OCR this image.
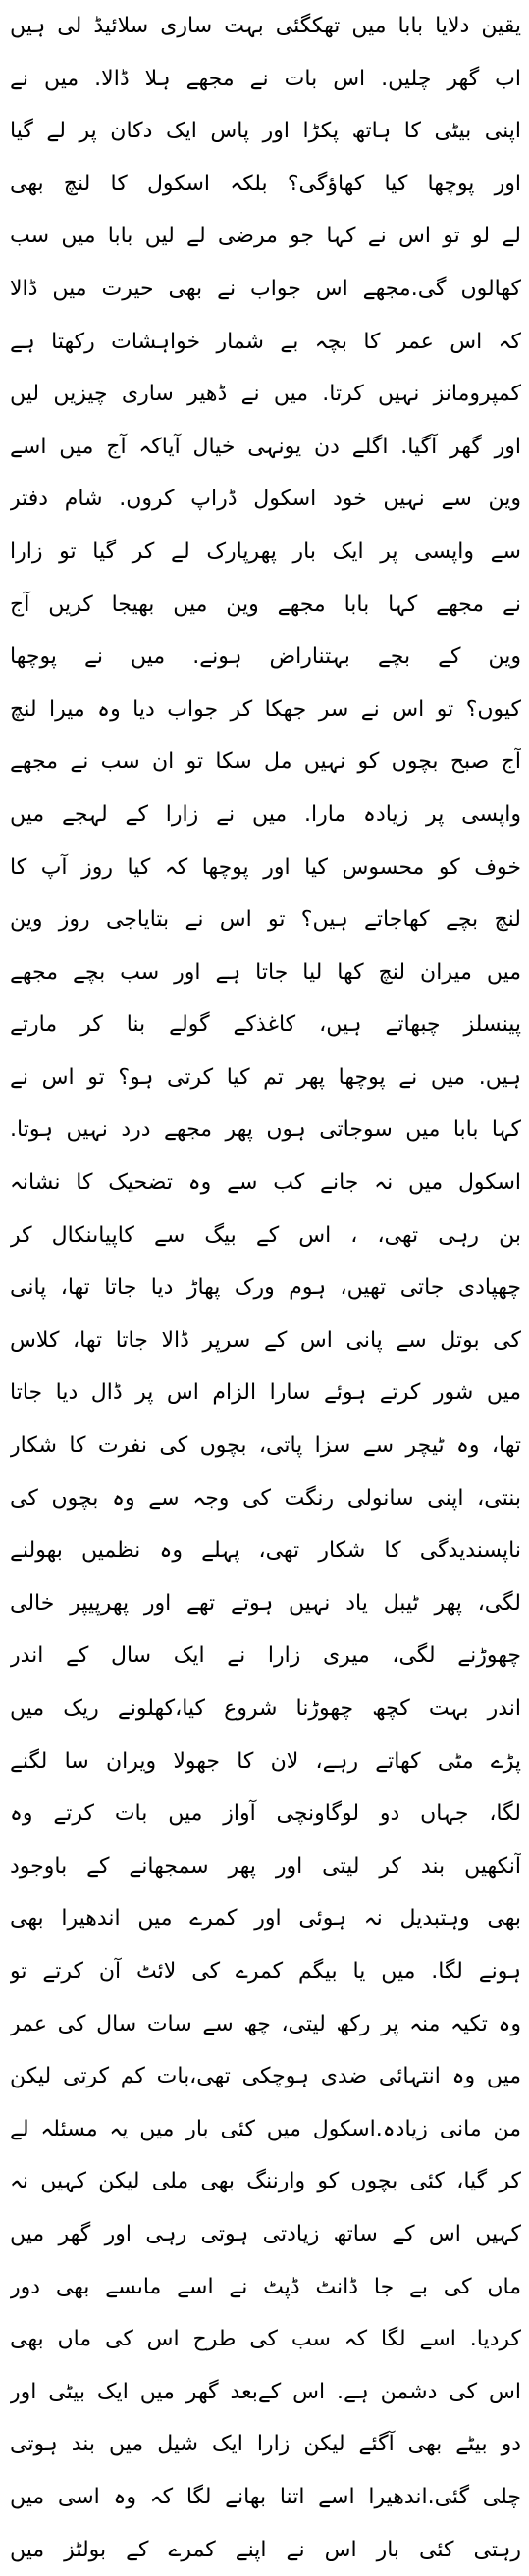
یقین دلایا بابا میں تھکگئی بہت ساری سلائیڈ لی ہیں
اب گھر چلیں. اس بات نے مجھے ہلا ڈالا. میں نے
اپنی بیٹی کا ہاتھ پکڑا اور پاس ایک دکان پر لے گیا
اور پوچھا کیا کھاؤگی؟ بلکہ اسکول کا لنچ بھی
لے لو تو اس نے کہا جو مرضی لے لیں بابا میں سب
کھالوں گی.مجھے اس جواب نے بھی حیرت میں ڈالا
کہ اس عمر کا بچہ بے شمار خواہشات رکھتا ہے
کمپرومانز نہیں کرتا. میں نے ڈھیر ساری چیزیں لیں
اور گھر آگیا. اگلے دن یونہی خیال آیاکہ آج میں اسے
وین سے نہیں خود اسکول ڈراپ کروں. شام دفتر
سے واپسی پر ایک بار پھرپارک لے کر گیا تو زارا
نے مجھے کہا بابا مجھے وین میں بھیجا کریں آج
وین کے بچے بہتناراض ہونے. میں نے پوچھا
کیوں؟ تو اس نے سر جھکا کر جواب دیا وہ میرا لنچ
آج صبح بچوں کو نہیں مل سکا تو ان سب نے مجھے
واپسی پر زیادہ مارا. میں نے زارا کے لہجے میں
خوف کو محسوس کیا اور پوچھا کہ کیا روز آپ کا
لنچ بچے کھاجاتے ہیں؟ تو اس نے بتایاجی روز وین
میں میران لنچ کھا لیا جاتا ہے اور سب بچے مجھے
پینسلز چبھاتے ہیں، کاغذکے گولے بنا کر مارتے
ہیں. میں نے پوچھا پھر تم کیا کرتی ہو؟ تو اس نے
کہا بابا میں سوجاتی ہوں پھر مجھے درد نہیں ہوتا.
اسکول میں نہ جانے کب سے وہ تضحیک کا نشانہ
بن رہی تھی، ، اس کے بیگ سے کاپیاںنکال کر
چھپادی جاتی تھیں، ہوم ورک پھاڑ دیا جاتا تھا، پانی
کی بوتل سے پانی اس کے سرپر ڈالا جاتا تھا، کلاس
میں شور کرتے ہوئے سارا الزام اس پر ڈال دیا جاتا
تھا، وہ ٹیچر سے سزا پاتی، بچوں کی نفرت کا شکار
بنتی، اپنی سانولی رنگت کی وجہ سے وہ بچوں کی
ناپسندیدگی کا شکار تھی، پہلے وہ نظمیں بھولنے
لگی، پھر ٹیبل یاد نہیں ہوتے تھے اور پھرپیپر خالی
چھوڑنے لگی، میری زارا نے ایک سال کے اندر
اندر بہت کچھ چھوڑنا شروع کیا،کھلونے ریک میں
پڑے مٹی کھاتے رہے، لان کا جھولا ویران سا لگنے
لگا، جہاں دو لوگاونچی آواز میں بات کرتے وہ
آنکھیں بند کر لیتی اور پھر سمجھانے کے باوجود
بھی وہتبدیل نہ ہوئی اور کمرے میں اندھیرا بھی
ہونے لگا. میں یا بیگم کمرے کی لائٹ آن کرتے تو
وہ تکیہ منہ پر رکھ لیتی، چھ سے سات سال کی عمر
میں وہ انتہائی ضدی ہوچکی تھی،بات کم کرتی لیکن
من مانی زیادہ.اسکول میں کئی بار میں یہ مسئلہ لے
کر گیا، کئی بچوں کو وارننگ بھی ملی لیکن کہیں نہ
کہیں اس کے ساتھ زیادتی ہوتی رہی اور گھر میں
ماں کی بے جا ڈانٹ ڈپٹ نے اسے ماںسے بھی دور
کردیا. اسے لگا کہ سب کی طرح اس کی ماں بھی
اس کی دشمن ہے. اس کےبعد گھر میں ایک بیٹی اور
دو بیٹے بھی آگئے لیکن زارا ایک شیل میں بند ہوتی
چلی گئی.اندھیرا اسے اتنا بھانے لگا کہ وہ اسی میں
رہتی کئی بار اس نے اپنے کمرے کے بولٹز میں
